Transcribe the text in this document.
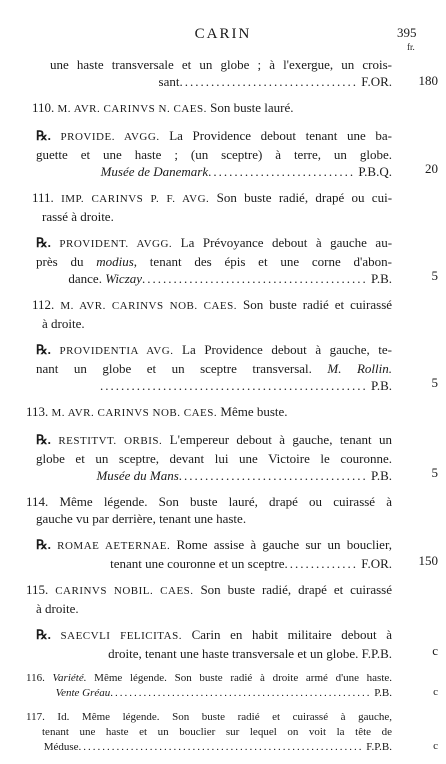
CARIN	395
fr.
une haste transversale et un globe ; à l'exergue, un crois-
sant.................................. F.OR. 180
110. M. AVR. CARINVS N. CAES. Son buste lauré.
℞. PROVIDE. AVGG. La Providence debout tenant une ba-
guette et une haste ; (un sceptre) à terre, un globe.
Musée de Danemark............................ P.B.Q.	20
111. IMP. CARINVS P. F. AVG. Son buste radié, drapé ou cui-
rassé à droite.
℞. PROVIDENT. AVGG. La Prévoyance debout à gauche au-
près du modius, tenant des épis et une corne d'abon-
dance. Wiczay........................................... P.B.	5
112. M. AVR. CARINVS NOB. CAES. Son buste radié et cuirassé
à droite.
℞. PROVIDENTIA AVG. La Providence debout à gauche, te-
nant un globe et un sceptre transversal. M. Rollin.
................................................... P.B.	5
113. M. AVR. CARINVS NOB. CAES. Même buste.
℞. RESTITVT. ORBIS. L'empereur debout à gauche, tenant un
globe et un sceptre, devant lui une Victoire le couronne.
Musée du Mans.................................... P.B.	5
114. Même légende. Son buste lauré, drapé ou cuirassé à
gauche vu par derrière, tenant une haste.
℞. ROMAE AETERNAE. Rome assise à gauche sur un bouclier,
tenant une couronne et un sceptre.............. F.OR. 150
115. CARINVS NOBIL. CAES. Son buste radié, drapé et cuirassé
à droite.
℞. SAECVLI FELICITAS. Carin en habit militaire debout à
droite, tenant une haste transversale et un globe. F.P.B.	c
116. Variété. Même légende. Son buste radié à droite armé d'une haste.
Vente Gréau....................................................... P.B.	c
117. Id. Même légende. Son buste radié et cuirassé à gauche,
tenant une haste et un bouclier sur lequel on voit la tête de
Méduse............................................................ F.P.B.	c
